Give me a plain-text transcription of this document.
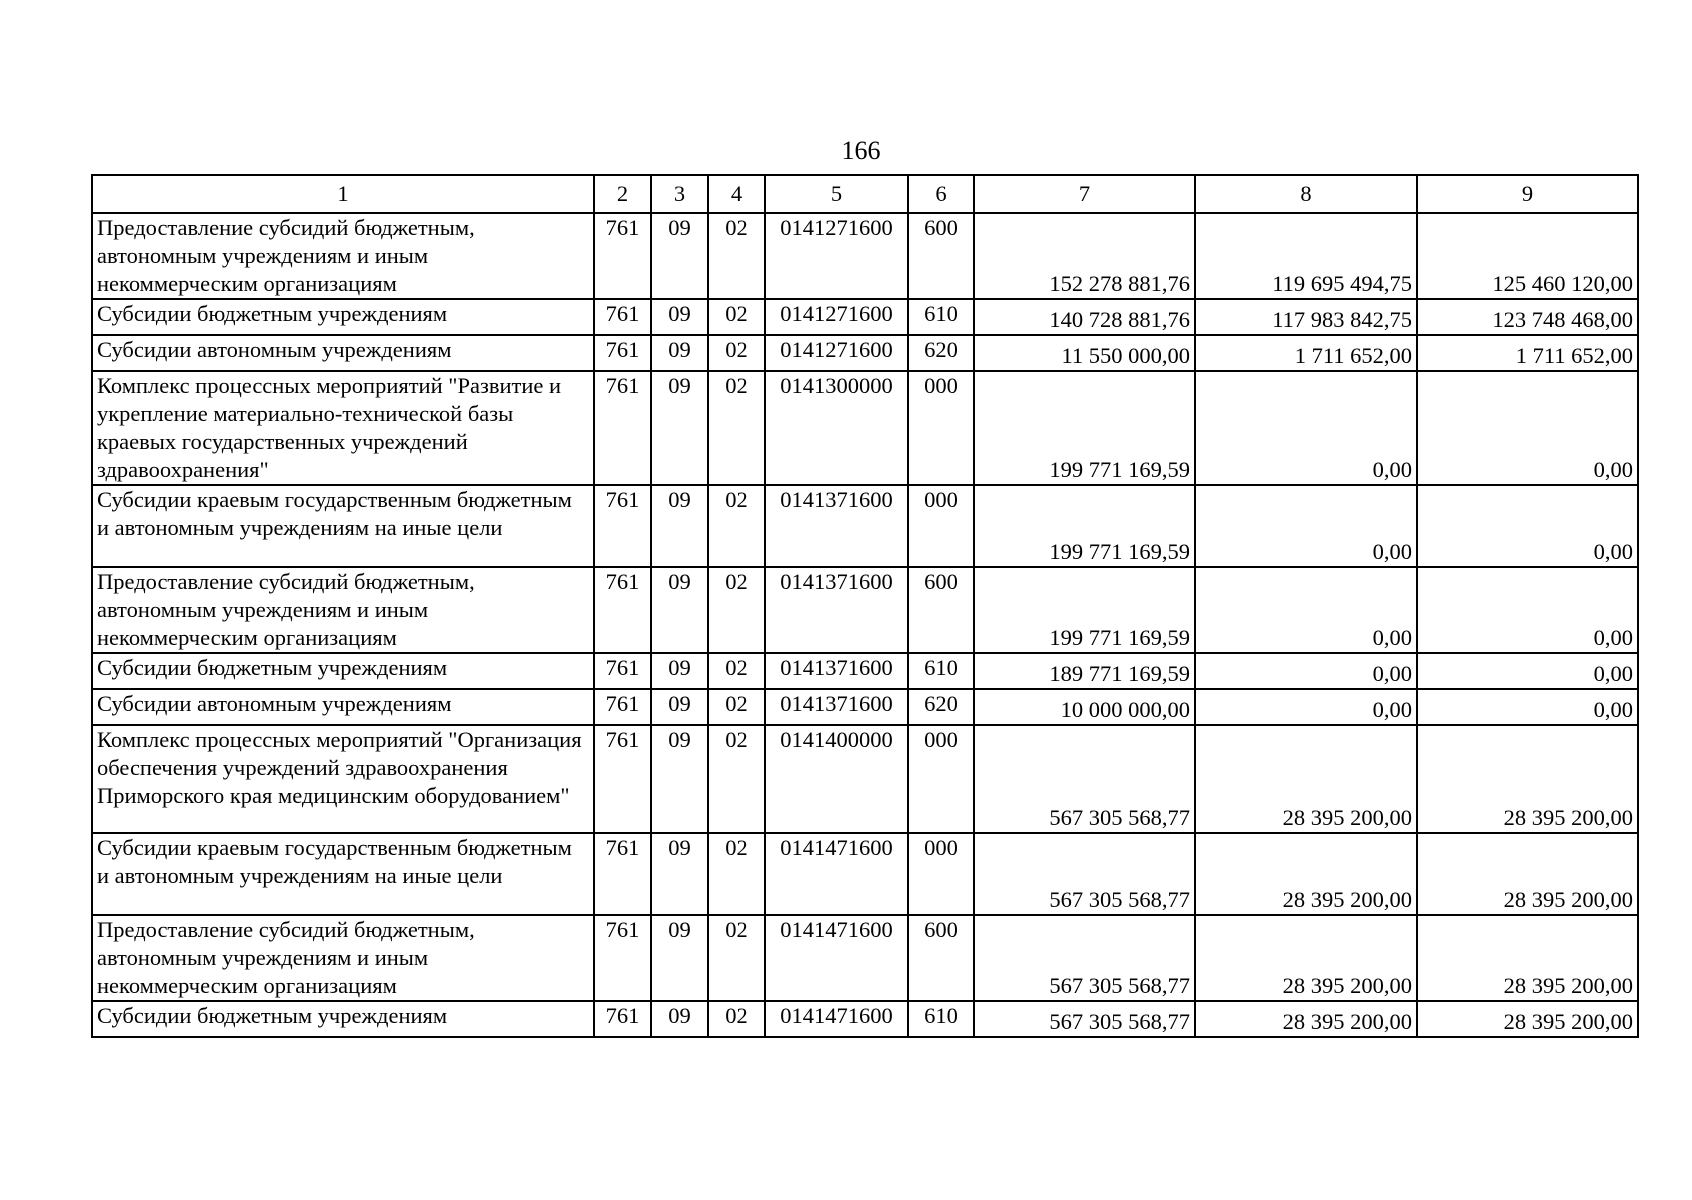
166
1	2	3	4	5	6	7	8	9
Предоставление субсидий бюджетным, автономным учреждениям и иным некоммерческим организациям	761	09	02	0141271600	600	152 278 881,76	119 695 494,75	125 460 120,00
Субсидии бюджетным учреждениям	761	09	02	0141271600	610	140 728 881,76	117 983 842,75	123 748 468,00
Субсидии автономным учреждениям	761	09	02	0141271600	620	11 550 000,00	1 711 652,00	1 711 652,00
Комплекс процессных мероприятий "Развитие и укрепление материально-технической базы краевых государственных учреждений здравоохранения"	761	09	02	0141300000	000	199 771 169,59	0,00	0,00
Субсидии краевым государственным бюджетным и автономным учреждениям на иные цели	761	09	02	0141371600	000	199 771 169,59	0,00	0,00
Предоставление субсидий бюджетным, автономным учреждениям и иным некоммерческим организациям	761	09	02	0141371600	600	199 771 169,59	0,00	0,00
Субсидии бюджетным учреждениям	761	09	02	0141371600	610	189 771 169,59	0,00	0,00
Субсидии автономным учреждениям	761	09	02	0141371600	620	10 000 000,00	0,00	0,00
Комплекс процессных мероприятий "Организация обеспечения учреждений здравоохранения Приморского края медицинским оборудованием"	761	09	02	0141400000	000	567 305 568,77	28 395 200,00	28 395 200,00
Субсидии краевым государственным бюджетным и автономным учреждениям на иные цели	761	09	02	0141471600	000	567 305 568,77	28 395 200,00	28 395 200,00
Предоставление субсидий бюджетным, автономным учреждениям и иным некоммерческим организациям	761	09	02	0141471600	600	567 305 568,77	28 395 200,00	28 395 200,00
Субсидии бюджетным учреждениям	761	09	02	0141471600	610	567 305 568,77	28 395 200,00	28 395 200,00
